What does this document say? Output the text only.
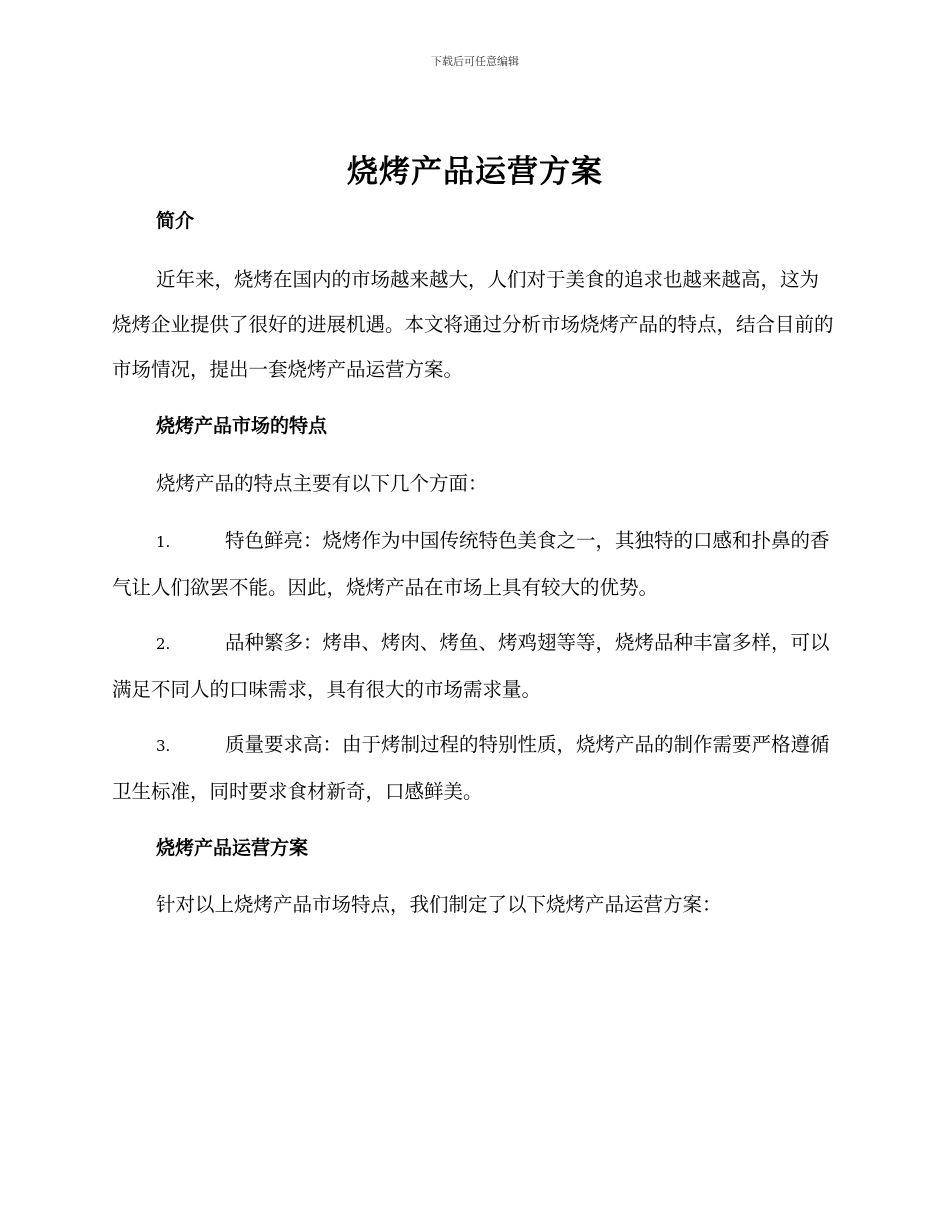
下载后可任意编辑
烧烤产品运营方案
简介
近年来，烧烤在国内的市场越来越大，人们对于美食的追求也越来越高，这为烧烤企业提供了很好的进展机遇。本文将通过分析市场烧烤产品的特点，结合目前的市场情况，提出一套烧烤产品运营方案。
烧烤产品市场的特点
烧烤产品的特点主要有以下几个方面：
1.	特色鲜亮：烧烤作为中国传统特色美食之一，其独特的口感和扑鼻的香气让人们欲罢不能。因此，烧烤产品在市场上具有较大的优势。
2.	品种繁多：烤串、烤肉、烤鱼、烤鸡翅等等，烧烤品种丰富多样，可以满足不同人的口味需求，具有很大的市场需求量。
3.	质量要求高：由于烤制过程的特别性质，烧烤产品的制作需要严格遵循卫生标准，同时要求食材新奇，口感鲜美。
烧烤产品运营方案
针对以上烧烤产品市场特点，我们制定了以下烧烤产品运营方案：
